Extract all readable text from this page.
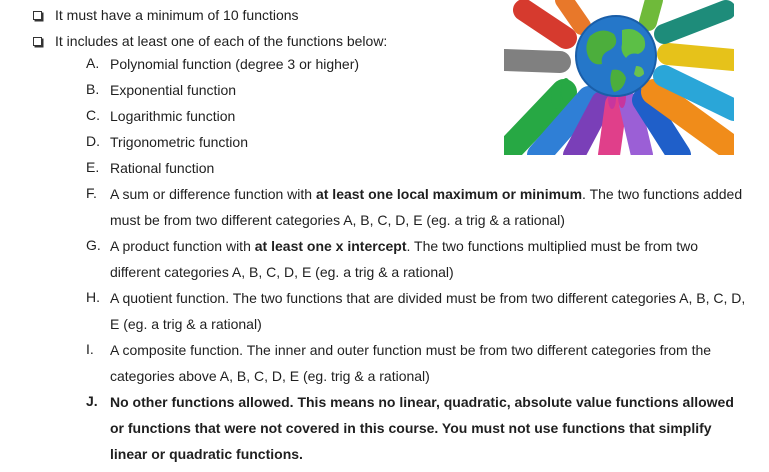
It must have a minimum of 10 functions
It includes at least one of each of the functions below:
A. Polynomial function (degree 3 or higher)
B. Exponential function
C. Logarithmic function
D. Trigonometric function
E. Rational function
F. A sum or difference function with at least one local maximum or minimum. The two functions added must be from two different categories A, B, C, D, E (eg. a trig & a rational)
G. A product function with at least one x intercept. The two functions multiplied must be from two different categories A, B, C, D, E (eg. a trig & a rational)
H. A quotient function. The two functions that are divided must be from two different categories A, B, C, D, E (eg. a trig & a rational)
I.	A composite function. The inner and outer function must be from two different categories from the categories above A, B, C, D, E (eg. trig & a rational)
J. No other functions allowed. This means no linear, quadratic, absolute value functions allowed or functions that were not covered in this course. You must not use functions that simplify linear or quadratic functions.
